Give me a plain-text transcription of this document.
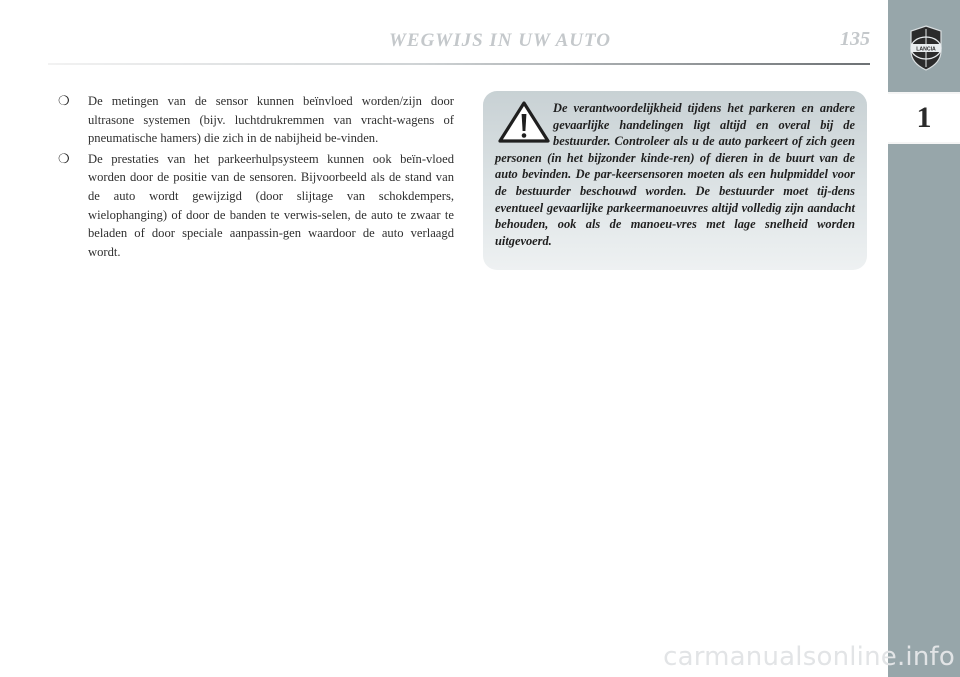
WEGWIJS IN UW AUTO	135	LANCIA
1
❍ De metingen van de sensor kunnen beïnvloed worden/zijn door ultrasone systemen (bijv. luchtdrukremmen van vracht-wagens of pneumatische hamers) die zich in de nabijheid be-vinden.
❍ De prestaties van het parkeerhulpsysteem kunnen ook beïn-vloed worden door de positie van de sensoren. Bijvoorbeeld als de stand van de auto wordt gewijzigd (door slijtage van schokdempers, wielophanging) of door de banden te verwis-selen, de auto te zwaar te beladen of door speciale aanpassin-gen waardoor de auto verlaagd wordt.

De verantwoordelijkheid tijdens het parkeren en andere gevaarlijke handelingen ligt altijd en overal bij de bestuurder. Controleer als u de auto parkeert of zich geen personen (in het bijzonder kinde-ren) of dieren in de buurt van de auto bevinden. De par-keersensoren moeten als een hulpmiddel voor de bestuurder beschouwd worden. De bestuurder moet tij-dens eventueel gevaarlijke parkeermanoeuvres altijd volledig zijn aandacht behouden, ook als de manoeu-vres met lage snelheid worden uitgevoerd.

carmanualsonline.info
